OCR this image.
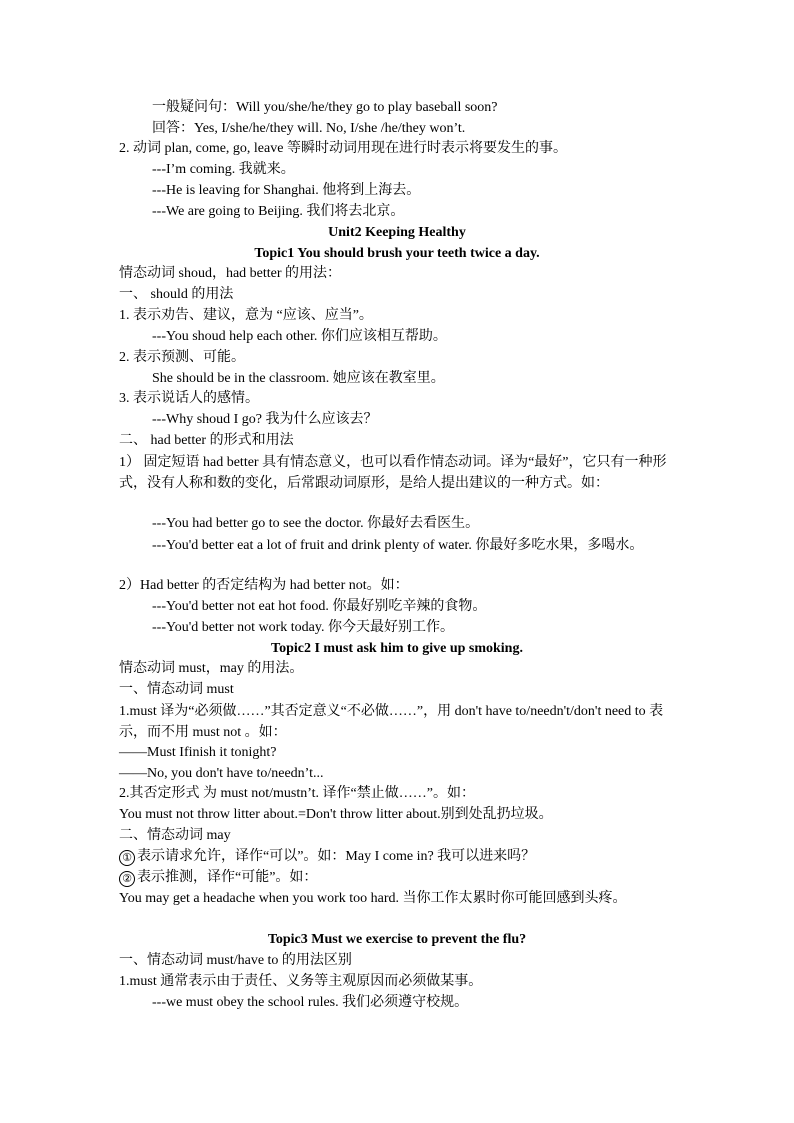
一般疑问句：Will you/she/he/they go to play baseball soon?
回答：Yes, I/she/he/they will. No, I/she /he/they won’t.
2. 动词 plan, come, go, leave 等瞬时动词用现在进行时表示将要发生的事。
---I’m coming. 我就来。
---He is leaving for Shanghai. 他将到上海去。
---We are going to Beijing. 我们将去北京。
Unit2 Keeping Healthy
Topic1 You should brush your teeth twice a day.
情态动词 shoud，had better 的用法：
一、 should 的用法
1. 表示劝告、建议，意为 “应该、应当”。
---You shoud help each other. 你们应该相互帮助。
2. 表示预测、可能。
She should be in the classroom. 她应该在教室里。
3. 表示说话人的感情。
---Why shoud I go? 我为什么应该去？
二、 had better 的形式和用法
1） 固定短语 had better 具有情态意义，也可以看作情态动词。译为“最好”，它只有一种形式，没有人称和数的变化，后常跟动词原形，是给人提出建议的一种方式。如：
---You had better go to see the doctor. 你最好去看医生。
---You'd better eat a lot of fruit and drink plenty of water. 你最好多吃水果，多喝水。
2）Had better 的否定结构为 had better not。如：
---You'd better not eat hot food. 你最好别吃辛辣的食物。
---You'd better not work today. 你今天最好别工作。
Topic2 I must ask him to give up smoking.
情态动词 must，may 的用法。
一、情态动词 must
1.must 译为“必须做……”其否定意义“不必做……”，用 don't have to/needn't/don't need to 表示，而不用 must not 。如：
——Must Ifinish it tonight?
——No, you don't have to/needn’t...
2.其否定形式 为 must not/mustn’t. 译作“禁止做……”。如：
You must not throw litter about.=Don't throw litter about.别到处乱扔垃圾。
二、情态动词 may
① 表示请求允许，译作“可以”。如：May I come in? 我可以进来吗？
② 表示推测，译作“可能”。如：
You may get a headache when you work too hard. 当你工作太累时你可能回感到头疼。
Topic3 Must we exercise to prevent the flu?
一、情态动词 must/have to 的用法区别
1.must 通常表示由于责任、义务等主观原因而必须做某事。
---we must obey the school rules. 我们必须遵守校规。
